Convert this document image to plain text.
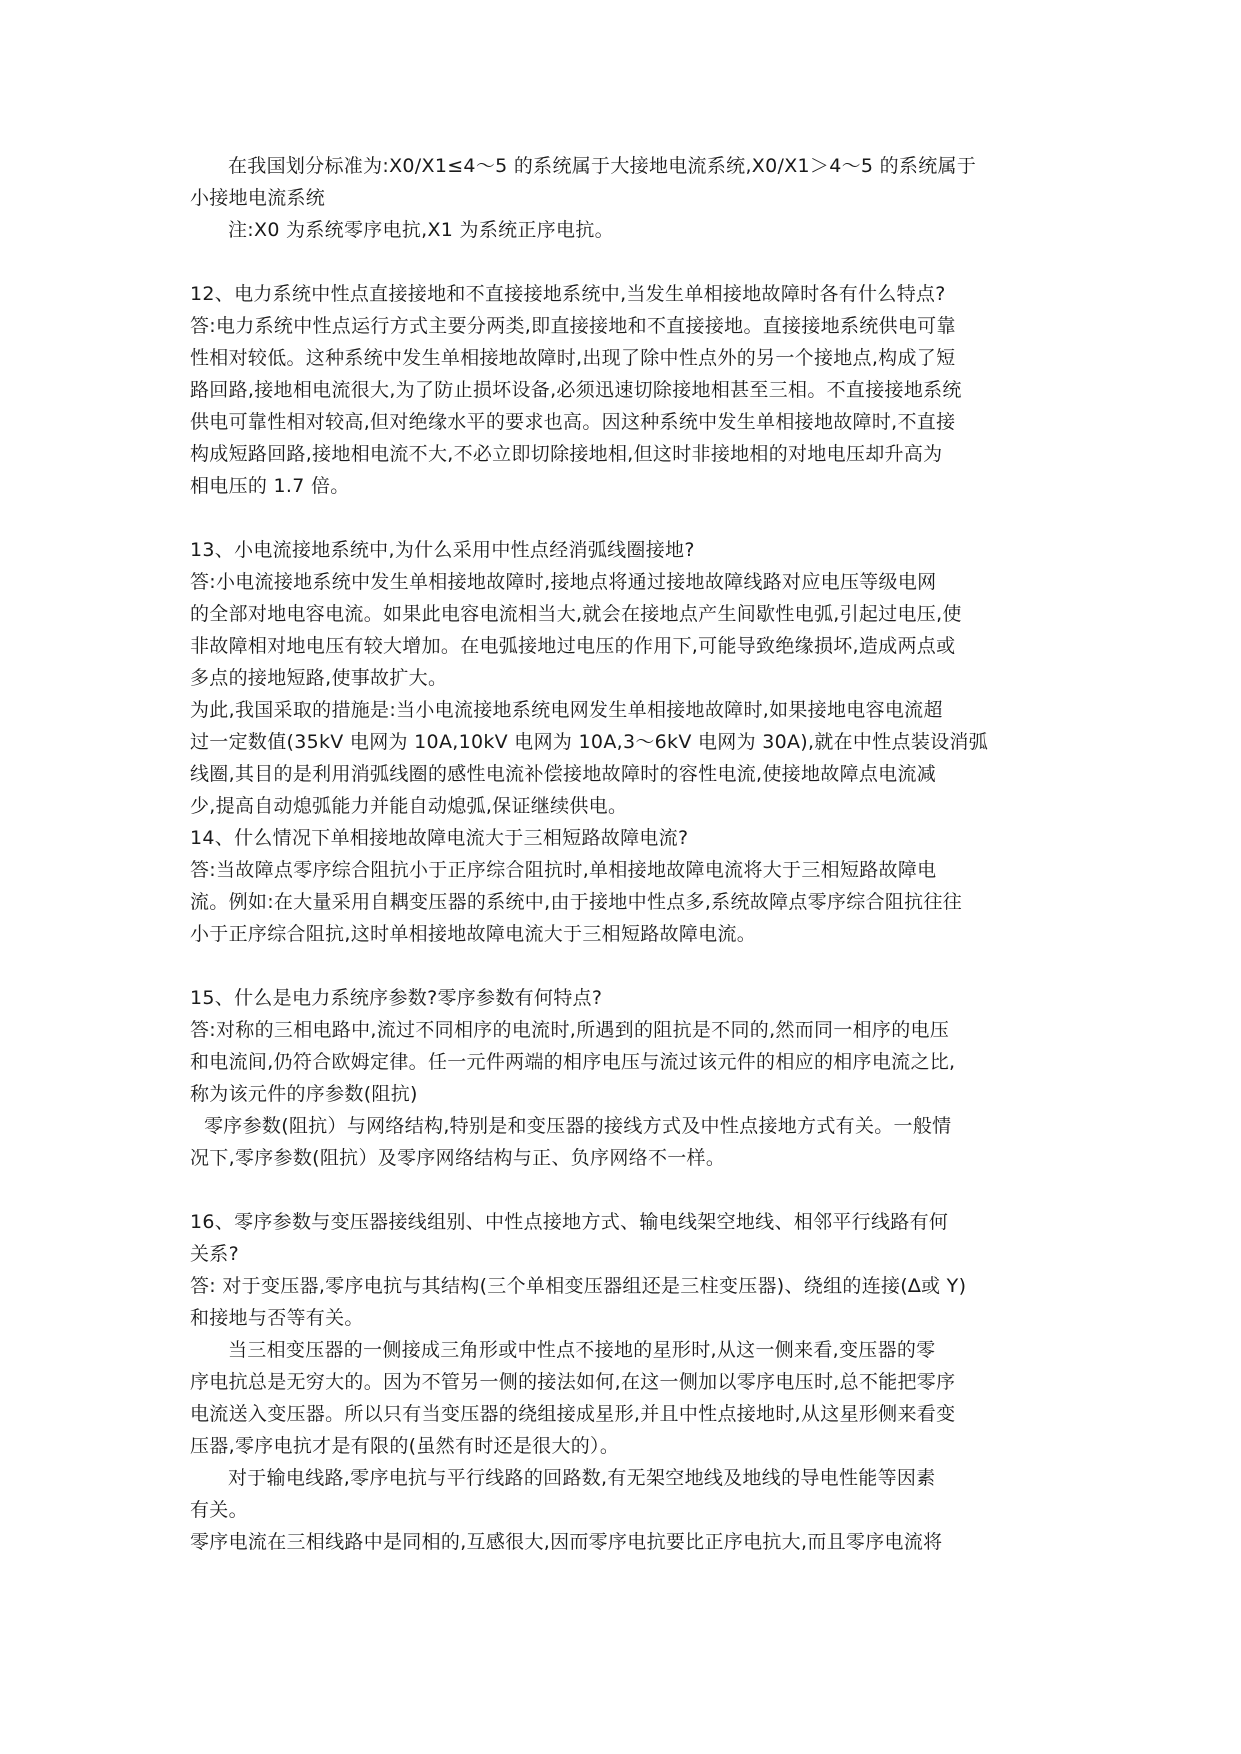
在我国划分标准为:X0/X1≤4～5 的系统属于大接地电流系统,X0/X1＞4～5 的系统属于
小接地电流系统
注:X0 为系统零序电抗,X1 为系统正序电抗。
12、电力系统中性点直接接地和不直接接地系统中,当发生单相接地故障时各有什么特点?
答:电力系统中性点运行方式主要分两类,即直接接地和不直接接地。直接接地系统供电可靠
性相对较低。这种系统中发生单相接地故障时,出现了除中性点外的另一个接地点,构成了短
路回路,接地相电流很大,为了防止损坏设备,必须迅速切除接地相甚至三相。不直接接地系统
供电可靠性相对较高,但对绝缘水平的要求也高。因这种系统中发生单相接地故障时,不直接
构成短路回路,接地相电流不大,不必立即切除接地相,但这时非接地相的对地电压却升高为
相电压的 1.7 倍。
13、小电流接地系统中,为什么采用中性点经消弧线圈接地?
答:小电流接地系统中发生单相接地故障时,接地点将通过接地故障线路对应电压等级电网
的全部对地电容电流。如果此电容电流相当大,就会在接地点产生间歇性电弧,引起过电压,使
非故障相对地电压有较大增加。在电弧接地过电压的作用下,可能导致绝缘损坏,造成两点或
多点的接地短路,使事故扩大。
为此,我国采取的措施是:当小电流接地系统电网发生单相接地故障时,如果接地电容电流超
过一定数值(35kV 电网为 10A,10kV 电网为 10A,3～6kV 电网为 30A),就在中性点装设消弧
线圈,其目的是利用消弧线圈的感性电流补偿接地故障时的容性电流,使接地故障点电流减
少,提高自动熄弧能力并能自动熄弧,保证继续供电。
14、什么情况下单相接地故障电流大于三相短路故障电流?
答:当故障点零序综合阻抗小于正序综合阻抗时,单相接地故障电流将大于三相短路故障电
流。例如:在大量采用自耦变压器的系统中,由于接地中性点多,系统故障点零序综合阻抗往往
小于正序综合阻抗,这时单相接地故障电流大于三相短路故障电流。
15、什么是电力系统序参数?零序参数有何特点?
答:对称的三相电路中,流过不同相序的电流时,所遇到的阻抗是不同的,然而同一相序的电压
和电流间,仍符合欧姆定律。任一元件两端的相序电压与流过该元件的相应的相序电流之比,
称为该元件的序参数(阻抗)
零序参数(阻抗）与网络结构,特别是和变压器的接线方式及中性点接地方式有关。一般情
况下,零序参数(阻抗）及零序网络结构与正、负序网络不一样。
16、零序参数与变压器接线组别、中性点接地方式、输电线架空地线、相邻平行线路有何
关系?
答: 对于变压器,零序电抗与其结构(三个单相变压器组还是三柱变压器)、绕组的连接(∆或 Y)
和接地与否等有关。
当三相变压器的一侧接成三角形或中性点不接地的星形时,从这一侧来看,变压器的零
序电抗总是无穷大的。因为不管另一侧的接法如何,在这一侧加以零序电压时,总不能把零序
电流送入变压器。所以只有当变压器的绕组接成星形,并且中性点接地时,从这星形侧来看变
压器,零序电抗才是有限的(虽然有时还是很大的）。
对于输电线路,零序电抗与平行线路的回路数,有无架空地线及地线的导电性能等因素
有关。
零序电流在三相线路中是同相的,互感很大,因而零序电抗要比正序电抗大,而且零序电流将
